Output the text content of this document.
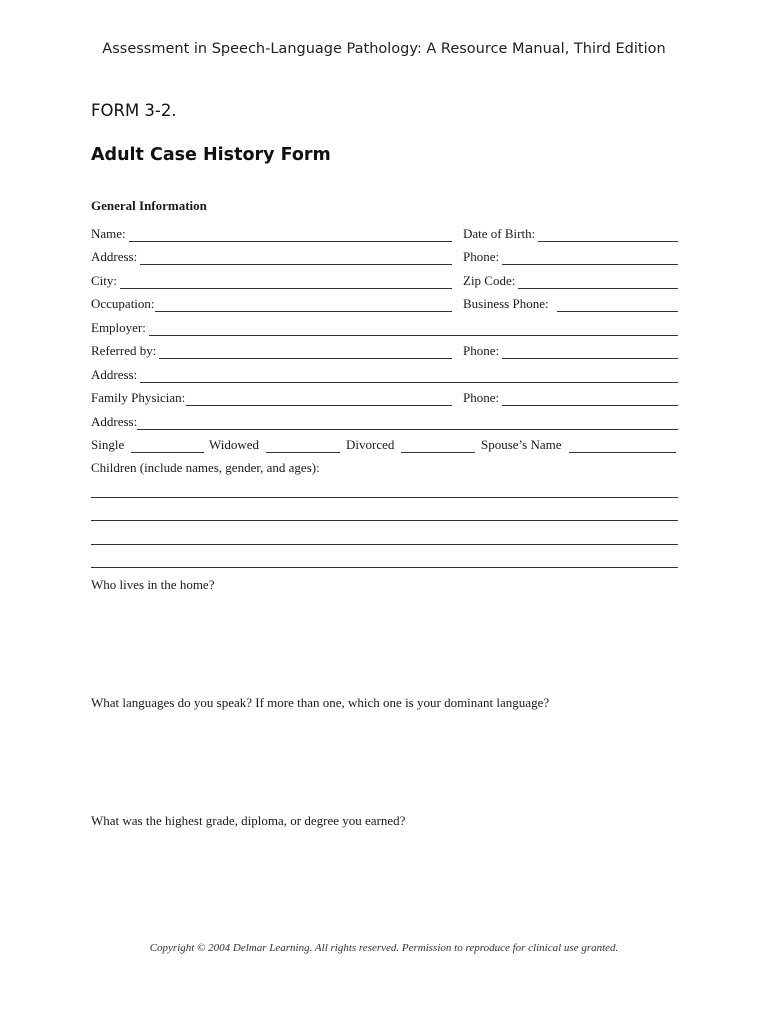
Assessment in Speech-Language Pathology: A Resource Manual, Third Edition
FORM 3-2.
Adult Case History Form
General Information
Name:	Date of Birth:
Address:	Phone:
City:	Zip Code:
Occupation:	Business Phone:
Employer:
Referred by:	Phone:
Address:
Family Physician:	Phone:
Address:
Single	Widowed	Divorced	Spouse’s Name
Children (include names, gender, and ages):
Who lives in the home?
What languages do you speak? If more than one, which one is your dominant language?
What was the highest grade, diploma, or degree you earned?
Copyright © 2004 Delmar Learning. All rights reserved. Permission to reproduce for clinical use granted.
